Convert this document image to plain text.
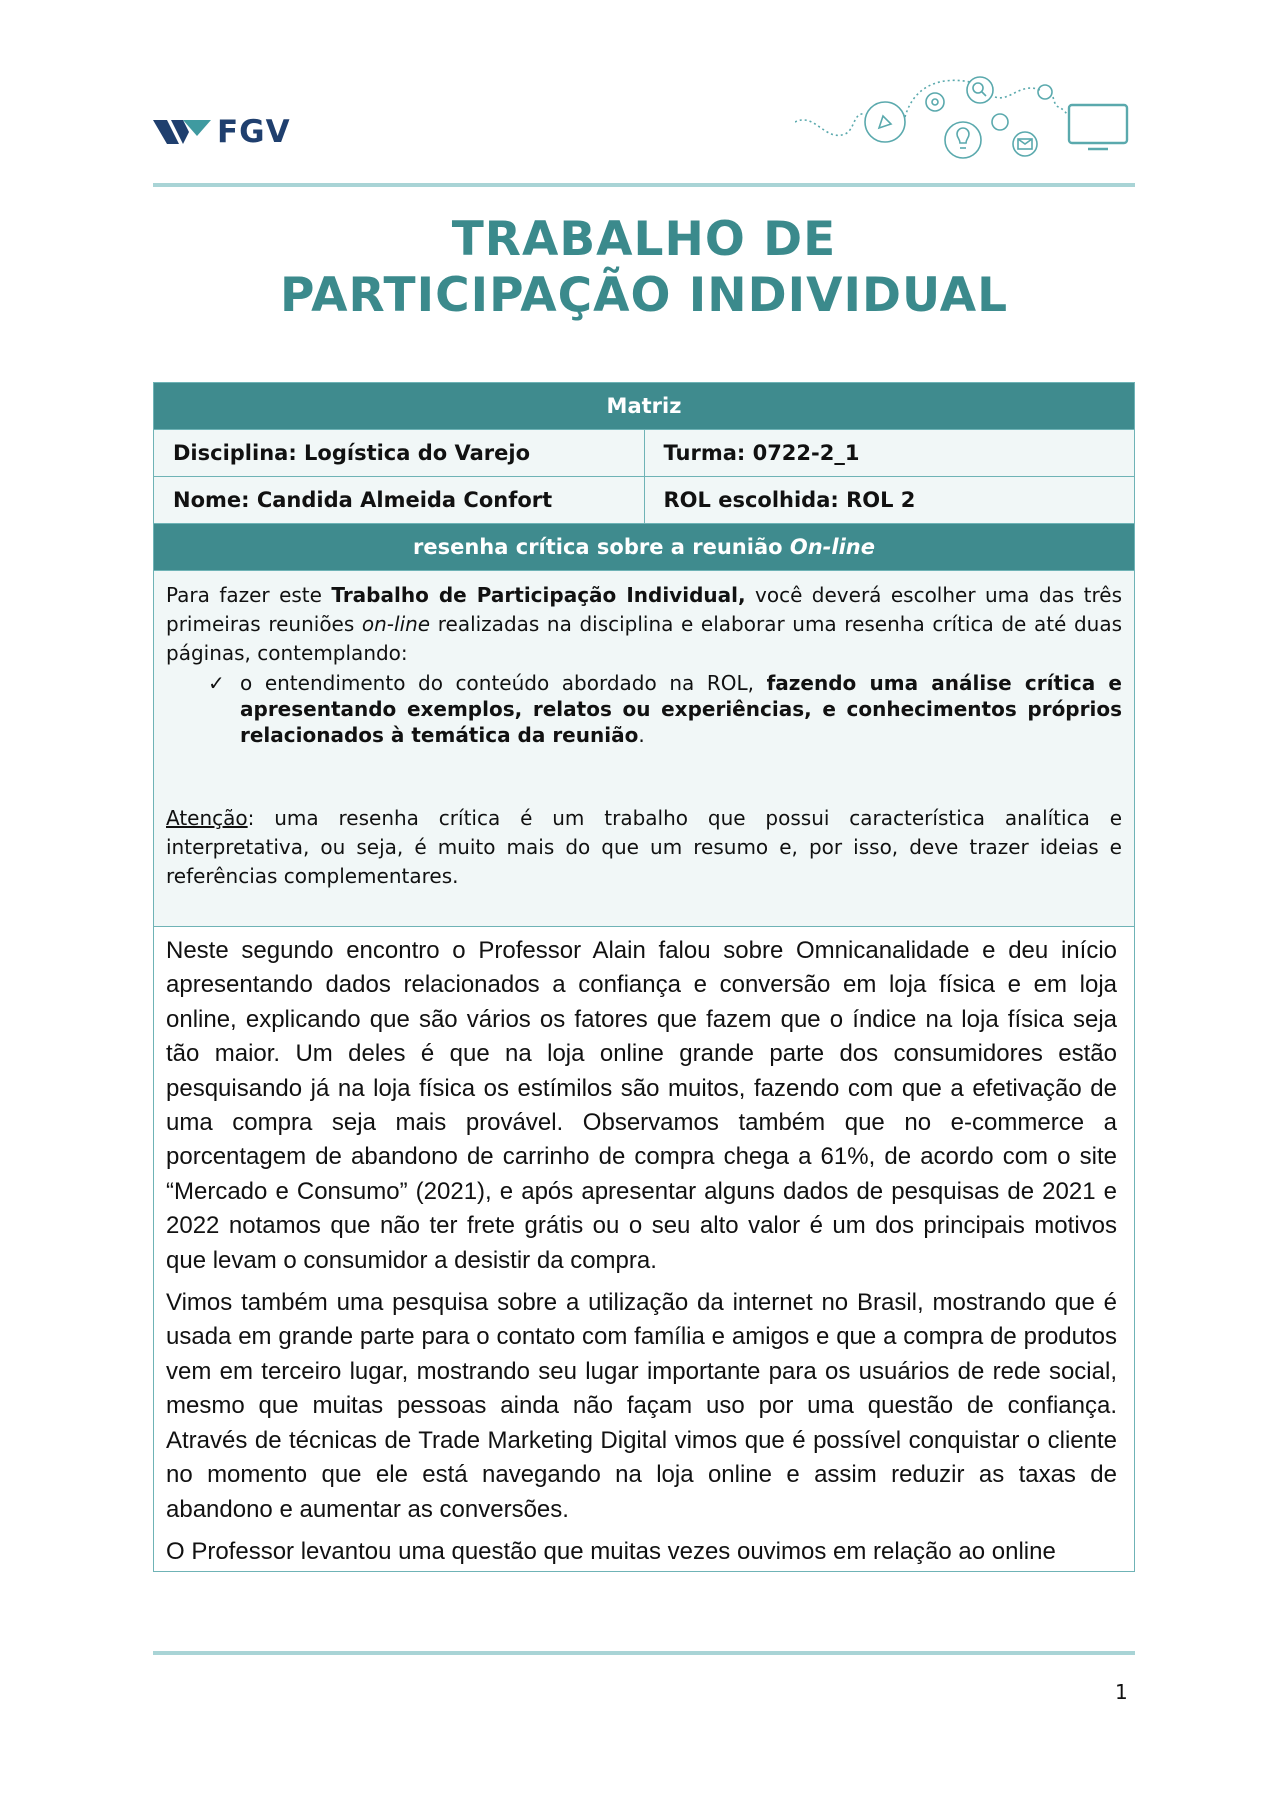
FGV
TRABALHO DE
PARTICIPAÇÃO INDIVIDUAL
Matriz
Disciplina: Logística do Varejo	Turma: 0722-2_1
Nome: Candida Almeida Confort	ROL escolhida: ROL 2
resenha crítica sobre a reunião On-line

Para fazer este Trabalho de Participação Individual, você deverá escolher uma das três primeiras reuniões on-line realizadas na disciplina e elaborar uma resenha crítica de até duas páginas, contemplando:

✓ o entendimento do conteúdo abordado na ROL, fazendo uma análise crítica e apresentando exemplos, relatos ou experiências, e conhecimentos próprios relacionados à temática da reunião.

Atenção: uma resenha crítica é um trabalho que possui característica analítica e interpretativa, ou seja, é muito mais do que um resumo e, por isso, deve trazer ideias e referências complementares.

Neste segundo encontro o Professor Alain falou sobre Omnicanalidade e deu início apresentando dados relacionados a confiança e conversão em loja física e em loja online, explicando que são vários os fatores que fazem que o índice na loja física seja tão maior. Um deles é que na loja online grande parte dos consumidores estão pesquisando já na loja física os estímilos são muitos, fazendo com que a efetivação de uma compra seja mais provável. Observamos também que no e-commerce a porcentagem de abandono de carrinho de compra chega a 61%, de acordo com o site “Mercado e Consumo” (2021), e após apresentar alguns dados de pesquisas de 2021 e 2022 notamos que não ter frete grátis ou o seu alto valor é um dos principais motivos que levam o consumidor a desistir da compra.

Vimos também uma pesquisa sobre a utilização da internet no Brasil, mostrando que é usada em grande parte para o contato com família e amigos e que a compra de produtos vem em terceiro lugar, mostrando seu lugar importante para os usuários de rede social, mesmo que muitas pessoas ainda não façam uso por uma questão de confiança. Através de técnicas de Trade Marketing Digital vimos que é possível conquistar o cliente no momento que ele está navegando na loja online e assim reduzir as taxas de abandono e aumentar as conversões.

O Professor levantou uma questão que muitas vezes ouvimos em relação ao online

1
